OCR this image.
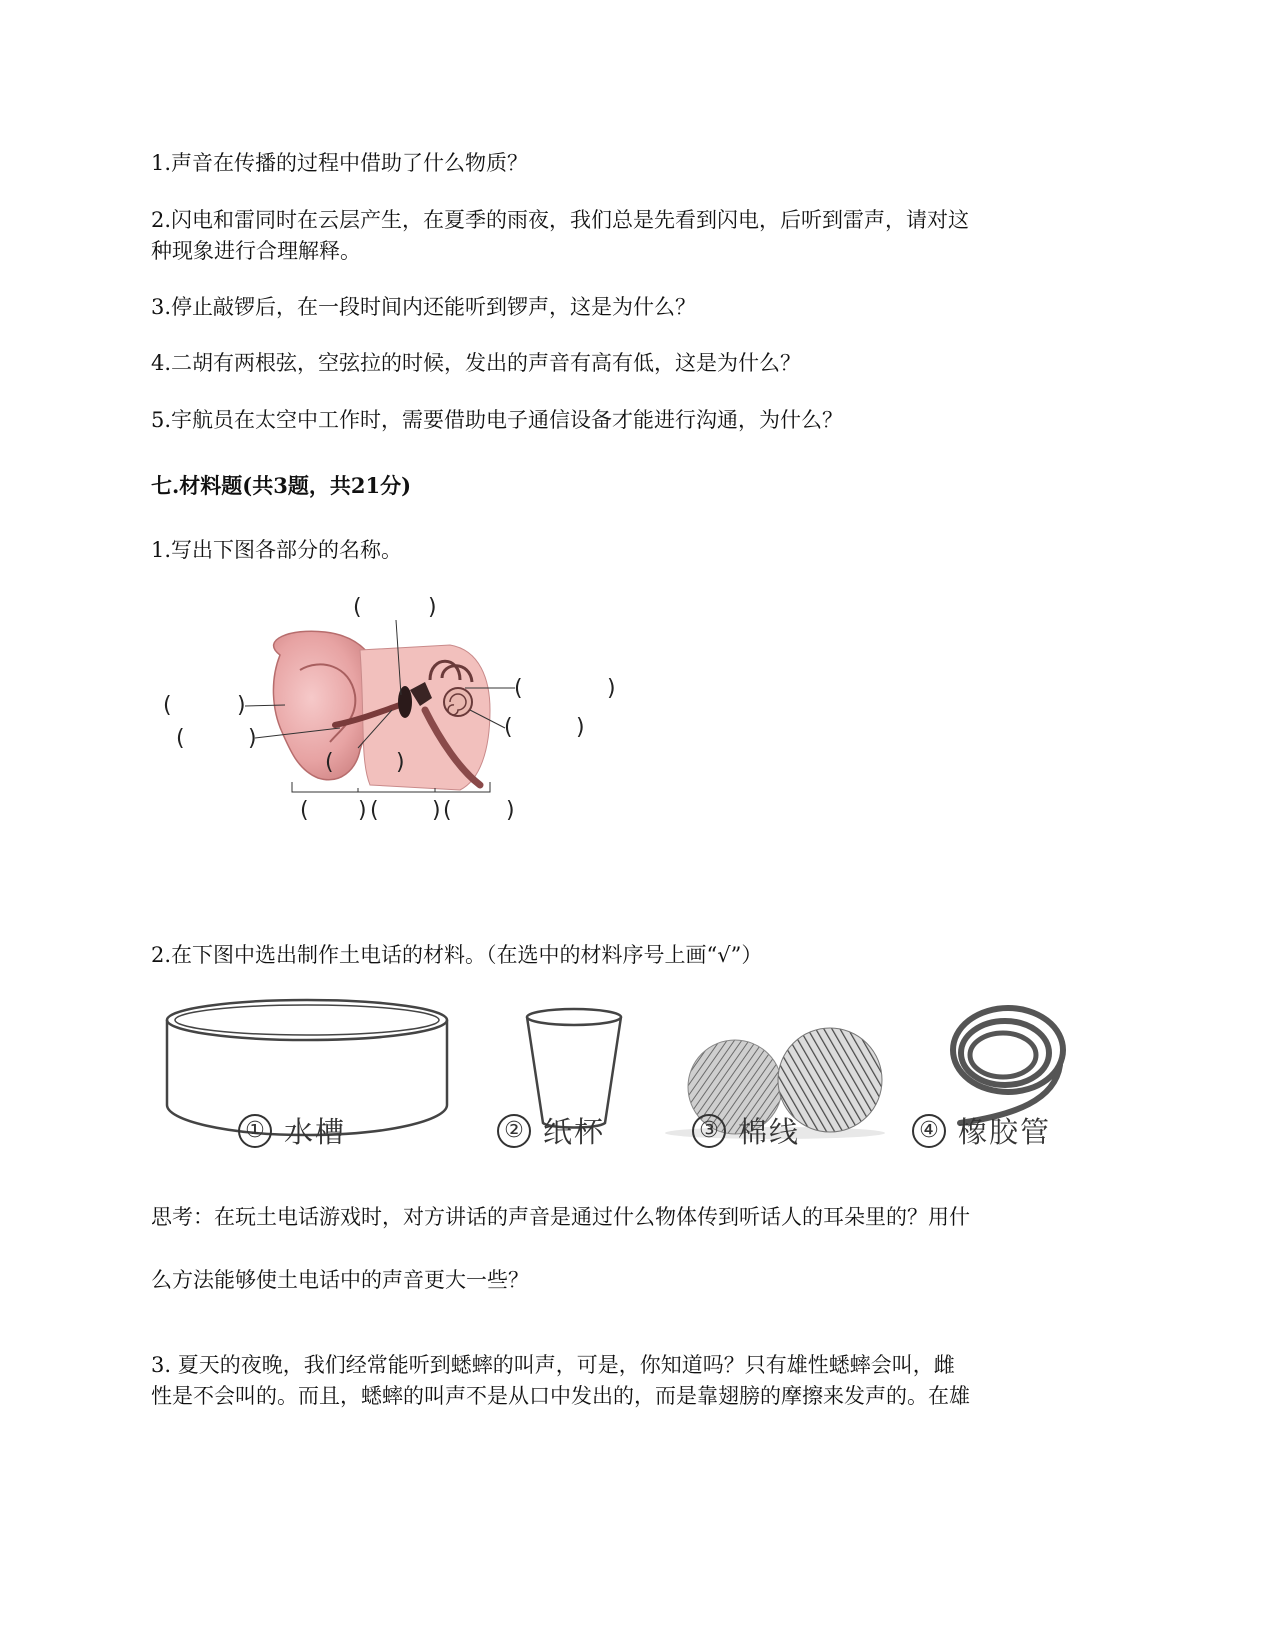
1.声音在传播的过程中借助了什么物质？

2.闪电和雷同时在云层产生，在夏季的雨夜，我们总是先看到闪电，后听到雷声，请对这

种现象进行合理解释。

3.停止敲锣后，在一段时间内还能听到锣声，这是为什么？

4.二胡有两根弦，空弦拉的时候，发出的声音有高有低，这是为什么？

5.宇航员在太空中工作时，需要借助电子通信设备才能进行沟通，为什么？

七.材料题(共3题，共21分)

1.写出下图各部分的名称。

(	)
(	)
(	)
(	)
(	)
(	)
( ) ( ) ( )

2.在下图中选出制作土电话的材料。（在选中的材料序号上画“√”）

① 水槽	② 纸杯	③ 棉线	④ 橡胶管

思考：在玩土电话游戏时，对方讲话的声音是通过什么物体传到听话人的耳朵里的？用什

么方法能够使土电话中的声音更大一些？

3. 夏天的夜晚，我们经常能听到蟋蟀的叫声，可是，你知道吗？只有雄性蟋蟀会叫，雌

性是不会叫的。而且，蟋蟀的叫声不是从口中发出的，而是靠翅膀的摩擦来发声的。在雄
